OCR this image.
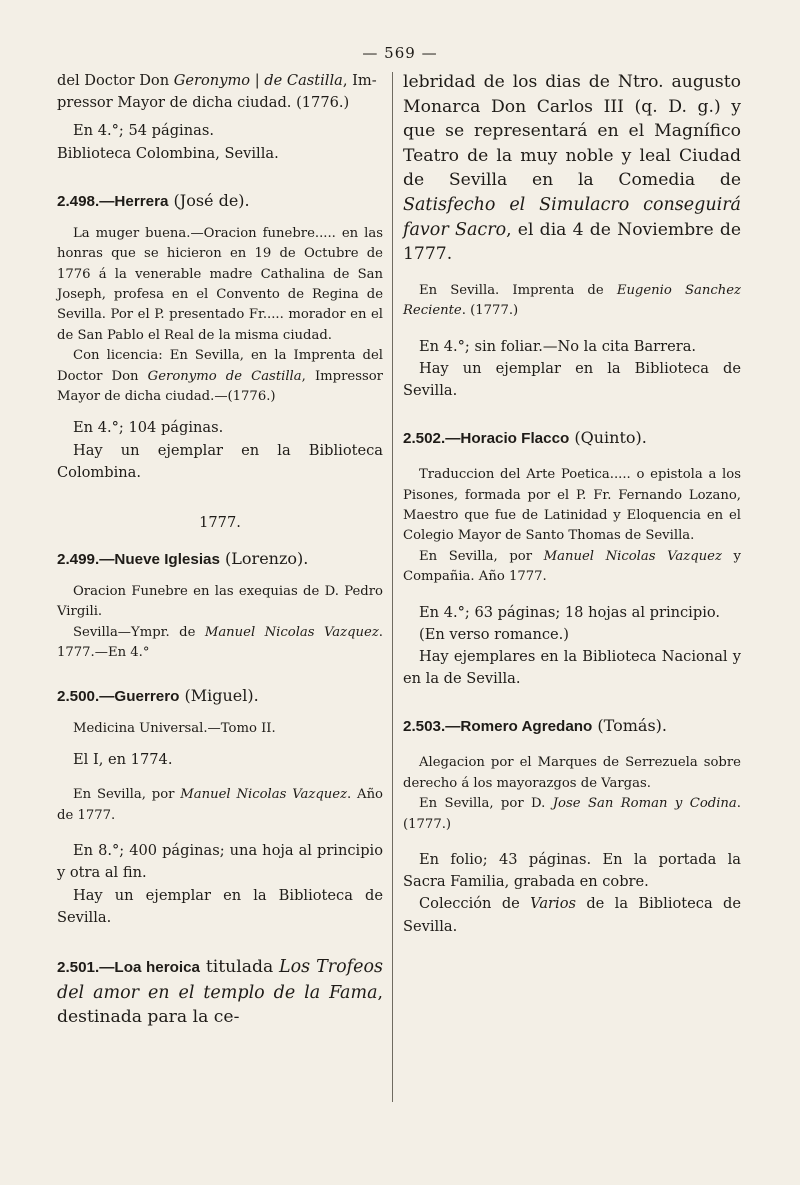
— 569 —

del Doctor Don Geronymo | de Castilla, Im-
pressor Mayor de dicha ciudad. (1776.)

En 4.°; 54 páginas.

Biblioteca Colombina, Sevilla.

2.498.—Herrera (José de).

La muger buena.—Oracion funebre..... en las honras que se hicieron en 19 de Octubre de 1776 á la venerable madre Cathalina de San Joseph, profesa en el Convento de Regina de Sevilla. Por el P. presentado Fr..... morador en el de San Pablo el Real de la misma ciudad.

Con licencia: En Sevilla, en la Imprenta del Doctor Don Geronymo de Castilla, Impressor Mayor de dicha ciudad.—(1776.)

En 4.°; 104 páginas.

Hay un ejemplar en la Biblioteca Colombina.

1777.

2.499.—Nueve Iglesias (Lorenzo).

Oracion Funebre en las exequias de D. Pedro Virgili.

Sevilla—Ympr. de Manuel Nicolas Vazquez. 1777.—En 4.°

2.500.—Guerrero (Miguel).

Medicina Universal.—Tomo II.

El I, en 1774.

En Sevilla, por Manuel Nicolas Vazquez. Año de 1777.

En 8.°; 400 páginas; una hoja al principio y otra al fin.

Hay un ejemplar en la Biblioteca de Sevilla.

2.501.—Loa heroica titulada Los Trofeos del amor en el templo de la Fama, destinada para la ce-

lebridad de los dias de Ntro. augusto Monarca Don Carlos III (q. D. g.) y que se representará en el Magnífico Teatro de la muy noble y leal Ciudad de Sevilla en la Comedia de Satisfecho el Simulacro conseguirá favor Sacro, el dia 4 de Noviembre de 1777.

En Sevilla. Imprenta de Eugenio Sanchez Reciente. (1777.)

En 4.°; sin foliar.—No la cita Barrera.

Hay un ejemplar en la Biblioteca de Sevilla.

2.502.—Horacio Flacco (Quinto).

Traduccion del Arte Poetica..... o epistola a los Pisones, formada por el P. Fr. Fernando Lozano, Maestro que fue de Latinidad y Eloquencia en el Colegio Mayor de Santo Thomas de Sevilla.

En Sevilla, por Manuel Nicolas Vazquez y Compañia. Año 1777.

En 4.°; 63 páginas; 18 hojas al principio.

(En verso romance.)

Hay ejemplares en la Biblioteca Nacional y en la de Sevilla.

2.503.—Romero Agredano (Tomás).

Alegacion por el Marques de Serrezuela sobre derecho á los mayorazgos de Vargas.

En Sevilla, por D. Jose San Roman y Codina. (1777.)

En folio; 43 páginas. En la portada la Sacra Familia, grabada en cobre.

Colección de Varios de la Biblioteca de Sevilla.
